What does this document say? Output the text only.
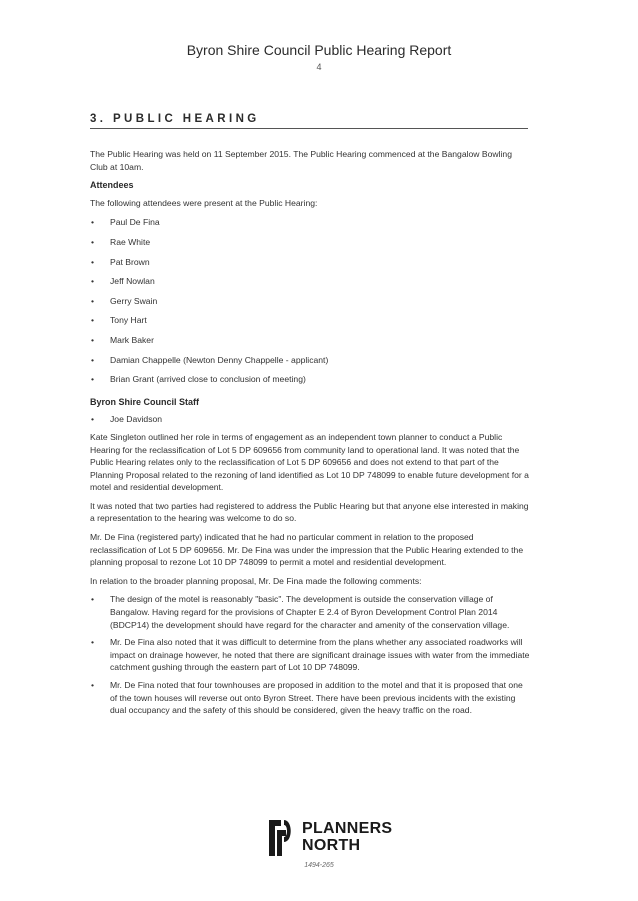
Byron Shire Council Public Hearing Report
4
3. PUBLIC HEARING

The Public Hearing was held on 11 September 2015. The Public Hearing commenced at the Bangalow Bowling Club at 10am.

Attendees

The following attendees were present at the Public Hearing:

• Paul De Fina
• Rae White
• Pat Brown
• Jeff Nowlan
• Gerry Swain
• Tony Hart
• Mark Baker
• Damian Chappelle (Newton Denny Chappelle - applicant)
• Brian Grant (arrived close to conclusion of meeting)
Byron Shire Council Staff
• Joe Davidson

Kate Singleton outlined her role in terms of engagement as an independent town planner to conduct a Public Hearing for the reclassification of Lot 5 DP 609656 from community land to operational land. It was noted that the Public Hearing relates only to the reclassification of Lot 5 DP 609656 and does not extend to that part of the Planning Proposal related to the rezoning of land identified as Lot 10 DP 748099 to enable future development for a motel and residential development.

It was noted that two parties had registered to address the Public Hearing but that anyone else interested in making a representation to the hearing was welcome to do so.

Mr. De Fina (registered party) indicated that he had no particular comment in relation to the proposed reclassification of Lot 5 DP 609656. Mr. De Fina was under the impression that the Public Hearing extended to the planning proposal to rezone Lot 10 DP 748099 to permit a motel and residential development.

In relation to the broader planning proposal, Mr. De Fina made the following comments:

• The design of the motel is reasonably "basic". The development is outside the conservation village of Bangalow. Having regard for the provisions of Chapter E 2.4 of Byron Development Control Plan 2014 (BDCP14) the development should have regard for the character and amenity of the conservation village.
• Mr. De Fina also noted that it was difficult to determine from the plans whether any associated roadworks will impact on drainage however, he noted that there are significant drainage issues with water from the immediate catchment gushing through the eastern part of Lot 10 DP 748099.
• Mr. De Fina noted that four townhouses are proposed in addition to the motel and that it is proposed that one of the town houses will reverse out onto Byron Street. There have been previous incidents with the existing dual occupancy and the safety of this should be considered, given the heavy traffic on the road.
PLANNERS
NORTH
1494-265
